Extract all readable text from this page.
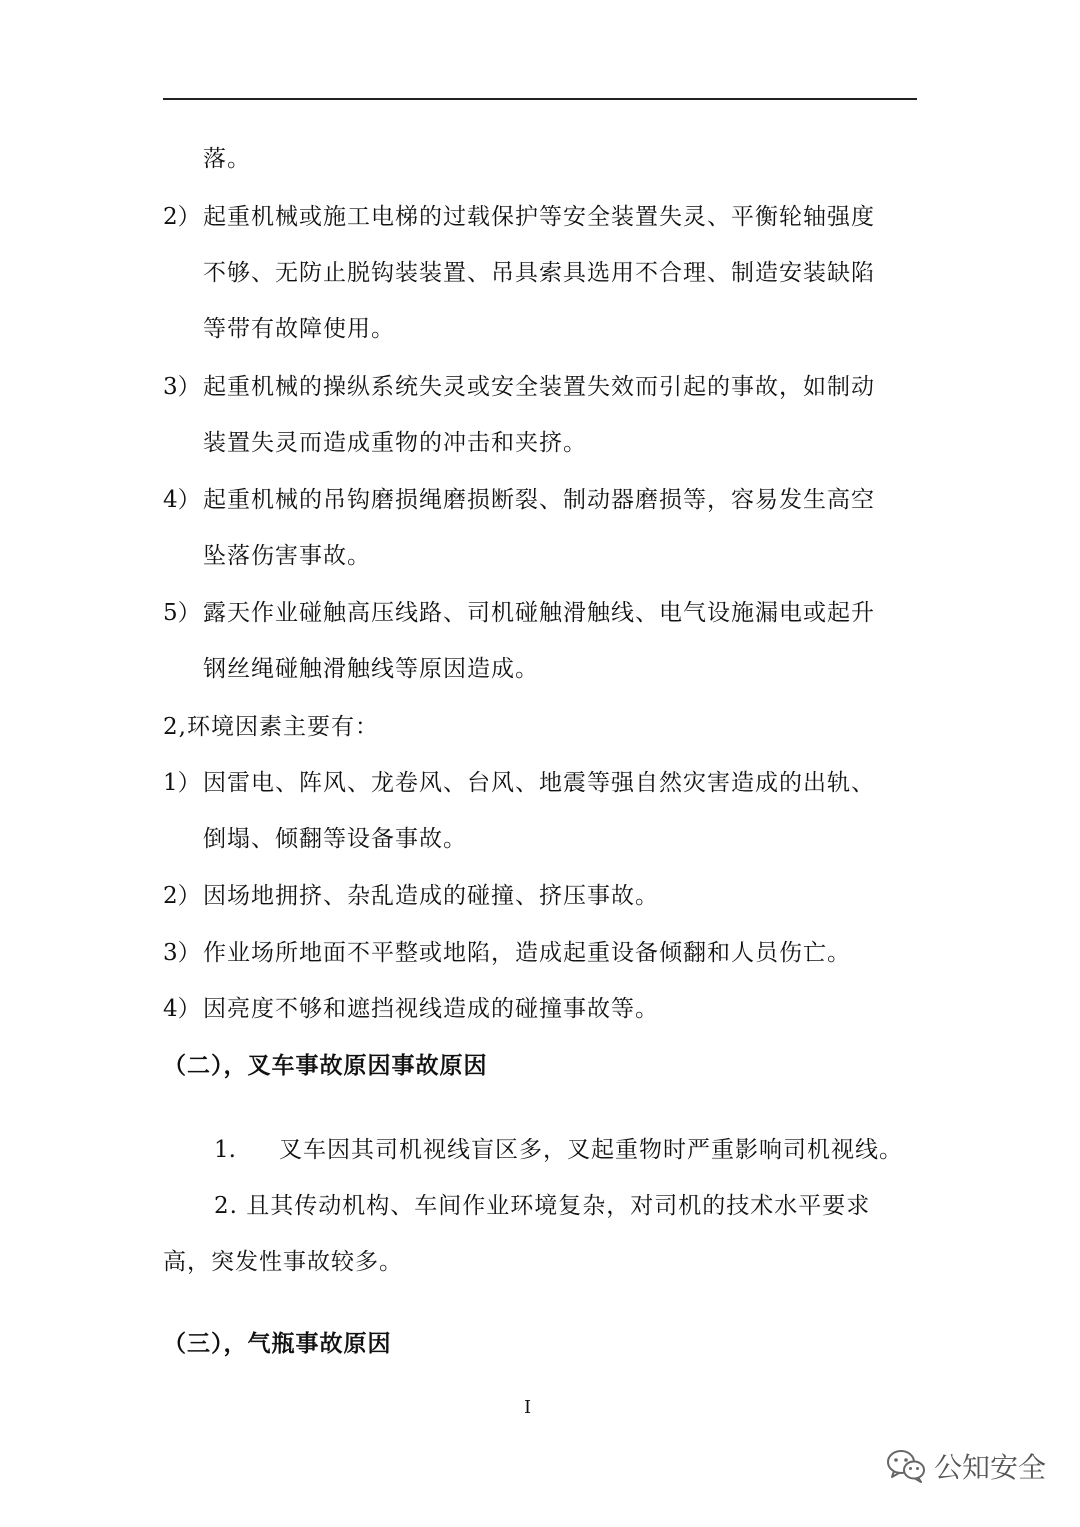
落。
2） 起重机械或施工电梯的过载保护等安全装置失灵、平衡轮轴强度
不够、无防止脱钩装装置、吊具索具选用不合理、制造安装缺陷
等带有故障使用。
3） 起重机械的操纵系统失灵或安全装置失效而引起的事故，如制动
装置失灵而造成重物的冲击和夹挤。
4） 起重机械的吊钩磨损绳磨损断裂、制动器磨损等，容易发生高空
坠落伤害事故。
5） 露天作业碰触高压线路、司机碰触滑触线、电气设施漏电或起升
钢丝绳碰触滑触线等原因造成。
2,环境因素主要有：
1） 因雷电、阵风、龙卷风、台风、地震等强自然灾害造成的出轨、
倒塌、倾翻等设备事故。
2） 因场地拥挤、杂乱造成的碰撞、挤压事故。
3） 作业场所地面不平整或地陷，造成起重设备倾翻和人员伤亡。
4） 因亮度不够和遮挡视线造成的碰撞事故等。
（二），叉车事故原因事故原因
1. 叉车因其司机视线盲区多，叉起重物时严重影响司机视线。
2. 且其传动机构、车间作业环境复杂，对司机的技术水平要求
高，突发性事故较多。
（三），气瓶事故原因
I
公知安全
